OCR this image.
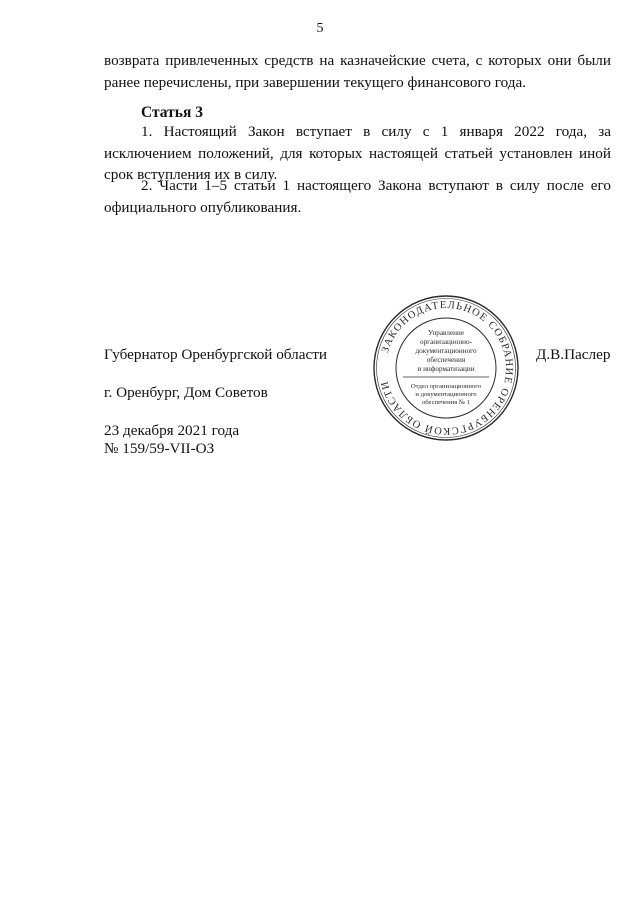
5

возврата привлеченных средств на казначейские счета, с которых они были ранее перечислены, при завершении текущего финансового года.

Статья 3

1. Настоящий Закон вступает в силу с 1 января 2022 года, за исключением положений, для которых настоящей статьей установлен иной срок вступления их в силу.

2. Части 1–5 статьи 1 настоящего Закона вступают в силу после его официального опубликования.

Губернатор Оренбургской области	Д.В.Паслер
г. Оренбург, Дом Советов
23 декабря 2021 года
№ 159/59-VII-ОЗ
ЗАКОНОДАТЕЛЬНОЕ СОБРАНИЕ ОРЕНБУРГСКОЙ ОБЛАСТИ
Управление
организационно-
документационного
обеспечения
и информатизации
Отдел организационного
и документационного
обеспечения № 1
